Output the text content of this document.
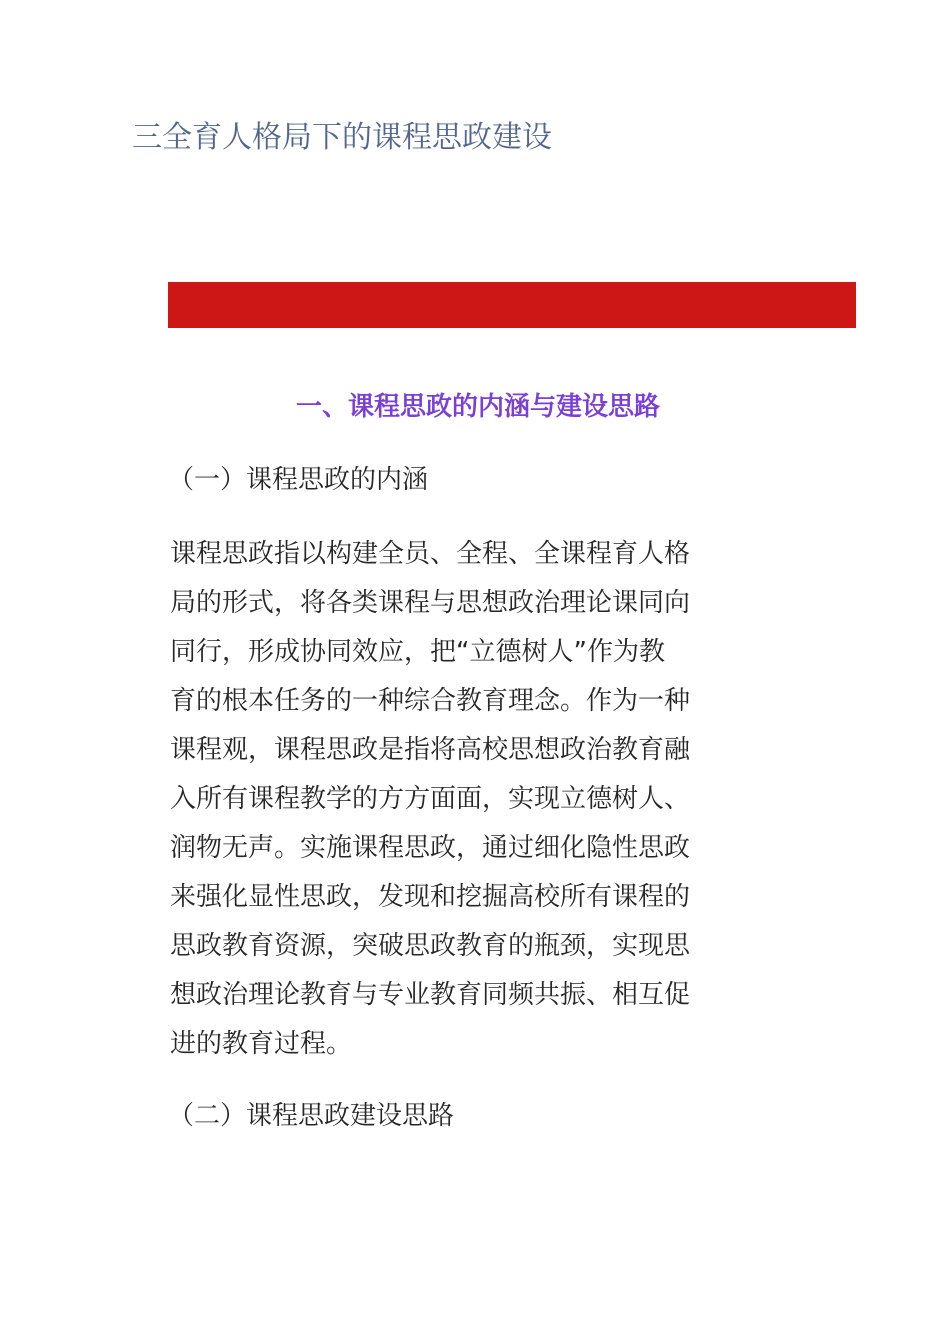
三全育人格局下的课程思政建设
一、课程思政的内涵与建设思路
（一）课程思政的内涵
课程思政指以构建全员、全程、全课程育人格
局的形式，将各类课程与思想政治理论课同向
同行，形成协同效应，把“立德树人”作为教
育的根本任务的一种综合教育理念。作为一种
课程观，课程思政是指将高校思想政治教育融
入所有课程教学的方方面面，实现立德树人、
润物无声。实施课程思政，通过细化隐性思政
来强化显性思政，发现和挖掘高校所有课程的
思政教育资源，突破思政教育的瓶颈，实现思
想政治理论教育与专业教育同频共振、相互促
进的教育过程。
（二）课程思政建设思路
